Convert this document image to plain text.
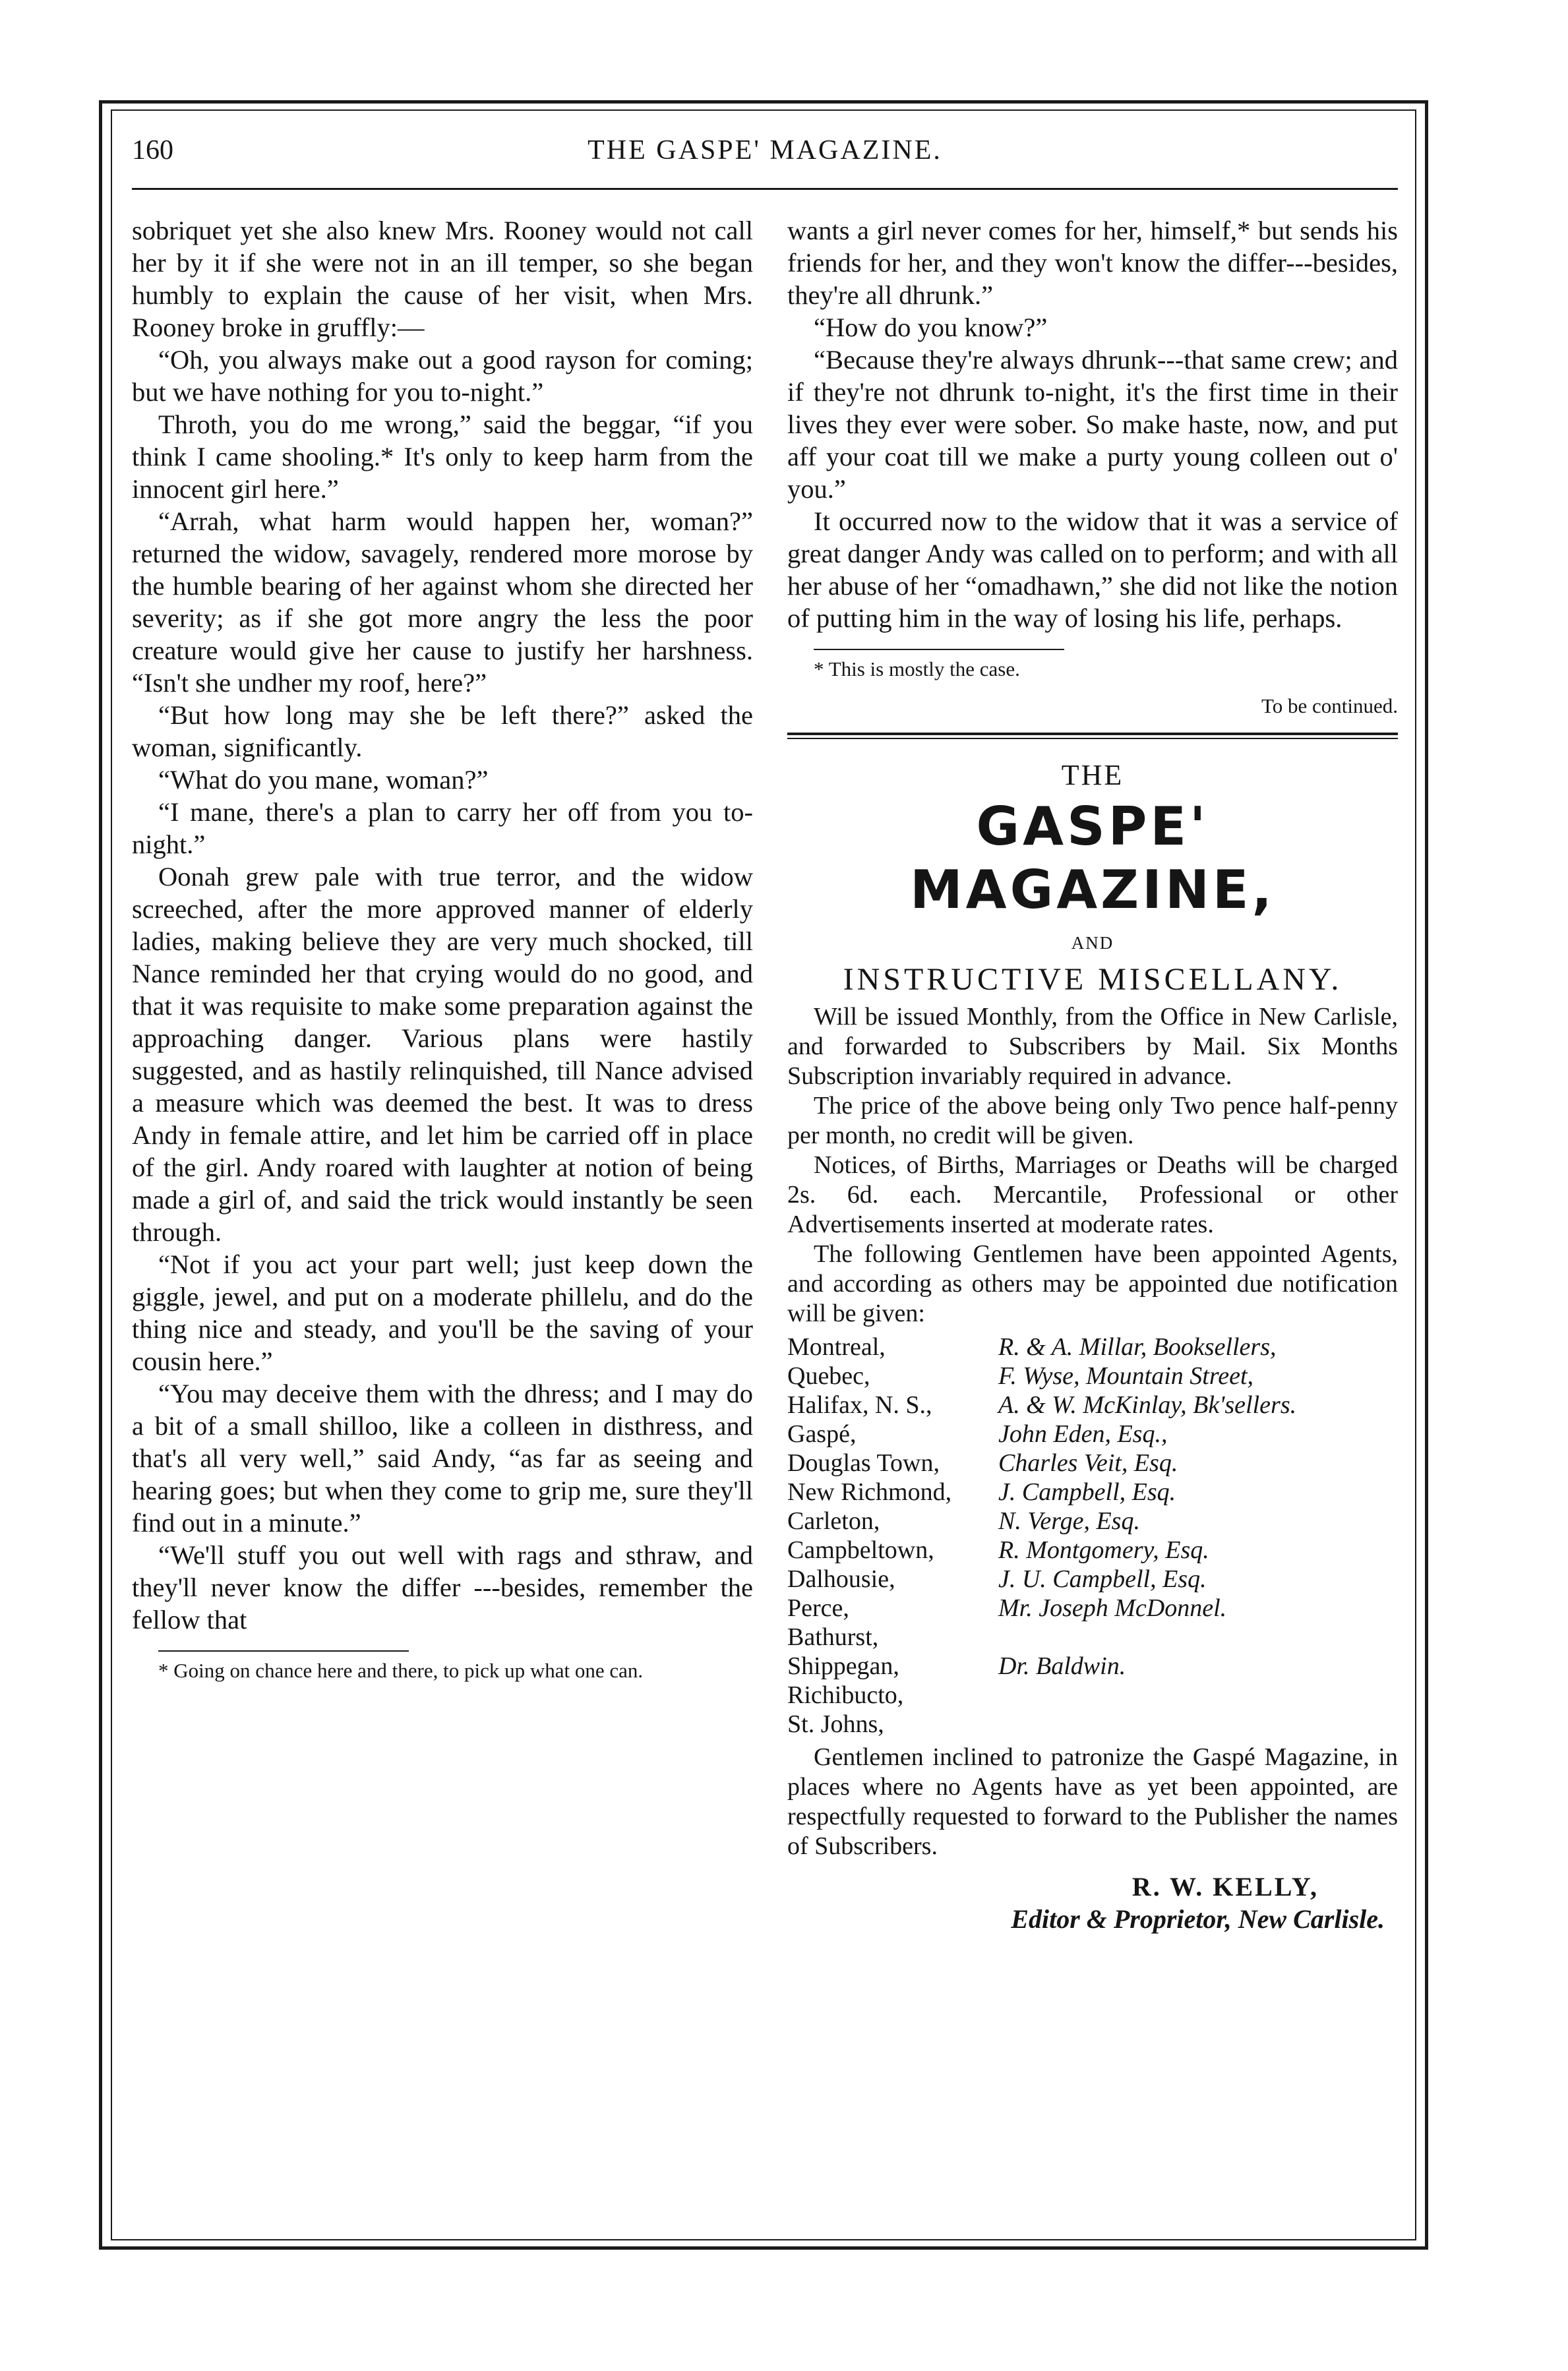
160	THE GASPE' MAGAZINE.

sobriquet yet she also knew Mrs. Rooney would not call her by it if she were not in an ill temper, so she began humbly to explain the cause of her visit, when Mrs. Rooney broke in gruffly:—

“Oh, you always make out a good rayson for coming; but we have nothing for you to-night.”

Throth, you do me wrong,” said the beggar, “if you think I came shooling.* It's only to keep harm from the innocent girl here.”

“Arrah, what harm would happen her, woman?” returned the widow, savagely, rendered more morose by the humble bearing of her against whom she directed her severity; as if she got more angry the less the poor creature would give her cause to justify her harshness. “Isn't she undher my roof, here?”

“But how long may she be left there?” asked the woman, significantly.

“What do you mane, woman?”

“I mane, there's a plan to carry her off from you to-night.”

Oonah grew pale with true terror, and the widow screeched, after the more approved manner of elderly ladies, making believe they are very much shocked, till Nance reminded her that crying would do no good, and that it was requisite to make some preparation against the approaching danger. Various plans were hastily suggested, and as hastily relinquished, till Nance advised a measure which was deemed the best. It was to dress Andy in female attire, and let him be carried off in place of the girl. Andy roared with laughter at notion of being made a girl of, and said the trick would instantly be seen through.

“Not if you act your part well; just keep down the giggle, jewel, and put on a moderate phillelu, and do the thing nice and steady, and you'll be the saving of your cousin here.”

“You may deceive them with the dhress; and I may do a bit of a small shilloo, like a colleen in disthress, and that's all very well,” said Andy, “as far as seeing and hearing goes; but when they come to grip me, sure they'll find out in a minute.”

“We'll stuff you out well with rags and sthraw, and they'll never know the differ ---besides, remember the fellow that

* Going on chance here and there, to pick up what one can.

wants a girl never comes for her, himself,* but sends his friends for her, and they won't know the differ---besides, they're all dhrunk.”

“How do you know?”

“Because they're always dhrunk---that same crew; and if they're not dhrunk to-night, it's the first time in their lives they ever were sober. So make haste, now, and put aff your coat till we make a purty young colleen out o' you.”

It occurred now to the widow that it was a service of great danger Andy was called on to perform; and with all her abuse of her “omadhawn,” she did not like the notion of putting him in the way of losing his life, perhaps.

* This is mostly the case.
To be continued.
THE
GASPE' MAGAZINE,
AND
INSTRUCTIVE MISCELLANY.

Will be issued Monthly, from the Office in New Carlisle, and forwarded to Subscribers by Mail. Six Months Subscription invariably required in advance.

The price of the above being only Two pence half-penny per month, no credit will be given.

Notices, of Births, Marriages or Deaths will be charged 2s. 6d. each. Mercantile, Professional or other Advertisements inserted at moderate rates.

The following Gentlemen have been appointed Agents, and according as others may be appointed due notification will be given:

Montreal,	R. & A. Millar, Booksellers,
Quebec,	F. Wyse, Mountain Street,
Halifax, N. S.,	A. & W. McKinlay, Bk'sellers.
Gaspé,	John Eden, Esq.,
Douglas Town,	Charles Veit, Esq.
New Richmond,	J. Campbell, Esq.
Carleton,	N. Verge, Esq.
Campbeltown,	R. Montgomery, Esq.
Dalhousie,	J. U. Campbell, Esq.
Perce,	Mr. Joseph McDonnel.
Bathurst,	
Shippegan,	Dr. Baldwin.
Richibucto,	
St. Johns,	

Gentlemen inclined to patronize the Gaspé Magazine, in places where no Agents have as yet been appointed, are respectfully requested to forward to the Publisher the names of Subscribers.

R. W. KELLY,
Editor & Proprietor, New Carlisle.
